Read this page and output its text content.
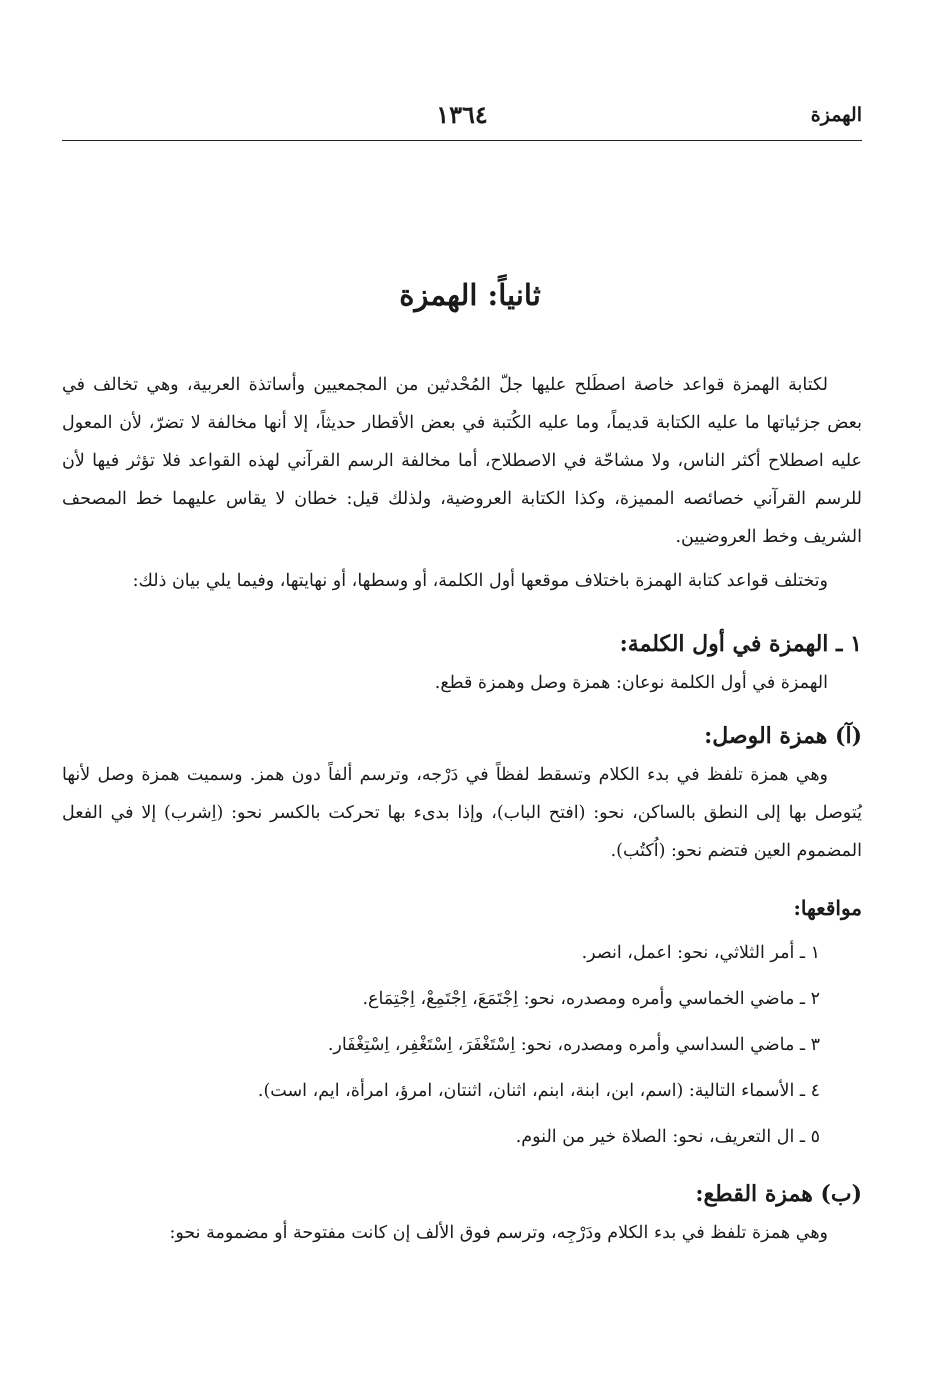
الهمزة
١٣٦٤
ثانياً: الهمزة

لكتابة الهمزة قواعد خاصة اصطَلح عليها جلّ المُحْدثين من المجمعيين وأساتذة العربية، وهي تخالف في بعض جزئياتها ما عليه الكتابة قديماً، وما عليه الكُتبة في بعض الأقطار حديثاً، إلا أنها مخالفة لا تضرّ، لأن المعول عليه اصطلاح أكثر الناس، ولا مشاحّة في الاصطلاح، أما مخالفة الرسم القرآني لهذه القواعد فلا تؤثر فيها لأن للرسم القرآني خصائصه المميزة، وكذا الكتابة العروضية، ولذلك قيل: خطان لا يقاس عليهما خط المصحف الشريف وخط العروضيين.

وتختلف قواعد كتابة الهمزة باختلاف موقعها أول الكلمة، أو وسطها، أو نهايتها، وفيما يلي بيان ذلك:

١ ـ الهمزة في أول الكلمة:

الهمزة في أول الكلمة نوعان: همزة وصل وهمزة قطع.

(آ) همزة الوصل:

وهي همزة تلفظ في بدء الكلام وتسقط لفظاً في دَرْجه، وترسم ألفاً دون همز. وسميت همزة وصل لأنها يُتوصل بها إلى النطق بالساكن، نحو: (افتح الباب)، وإذا بدىء بها تحركت بالكسر نحو: (اِشرب) إلا في الفعل المضموم العين فتضم نحو: (اُكتُب).

مواقعها:
١ ـ أمر الثلاثي، نحو: اعمل، انصر.
٢ ـ ماضي الخماسي وأمره ومصدره، نحو: اِجْتَمَعَ، اِجْتَمِعْ، اِجْتِمَاع.
٣ ـ ماضي السداسي وأمره ومصدره، نحو: اِسْتَغْفَرَ، اِسْتَغْفِر، اِسْتِغْفَار.
٤ ـ الأسماء التالية: (اسم، ابن، ابنة، ابنم، اثنان، اثنتان، امرؤ، امرأة، ايم، است).
٥ ـ ال التعريف، نحو: الصلاة خير من النوم.
(ب) همزة القطع:

وهي همزة تلفظ في بدء الكلام ودَرْجِه، وترسم فوق الألف إن كانت مفتوحة أو مضمومة نحو:
